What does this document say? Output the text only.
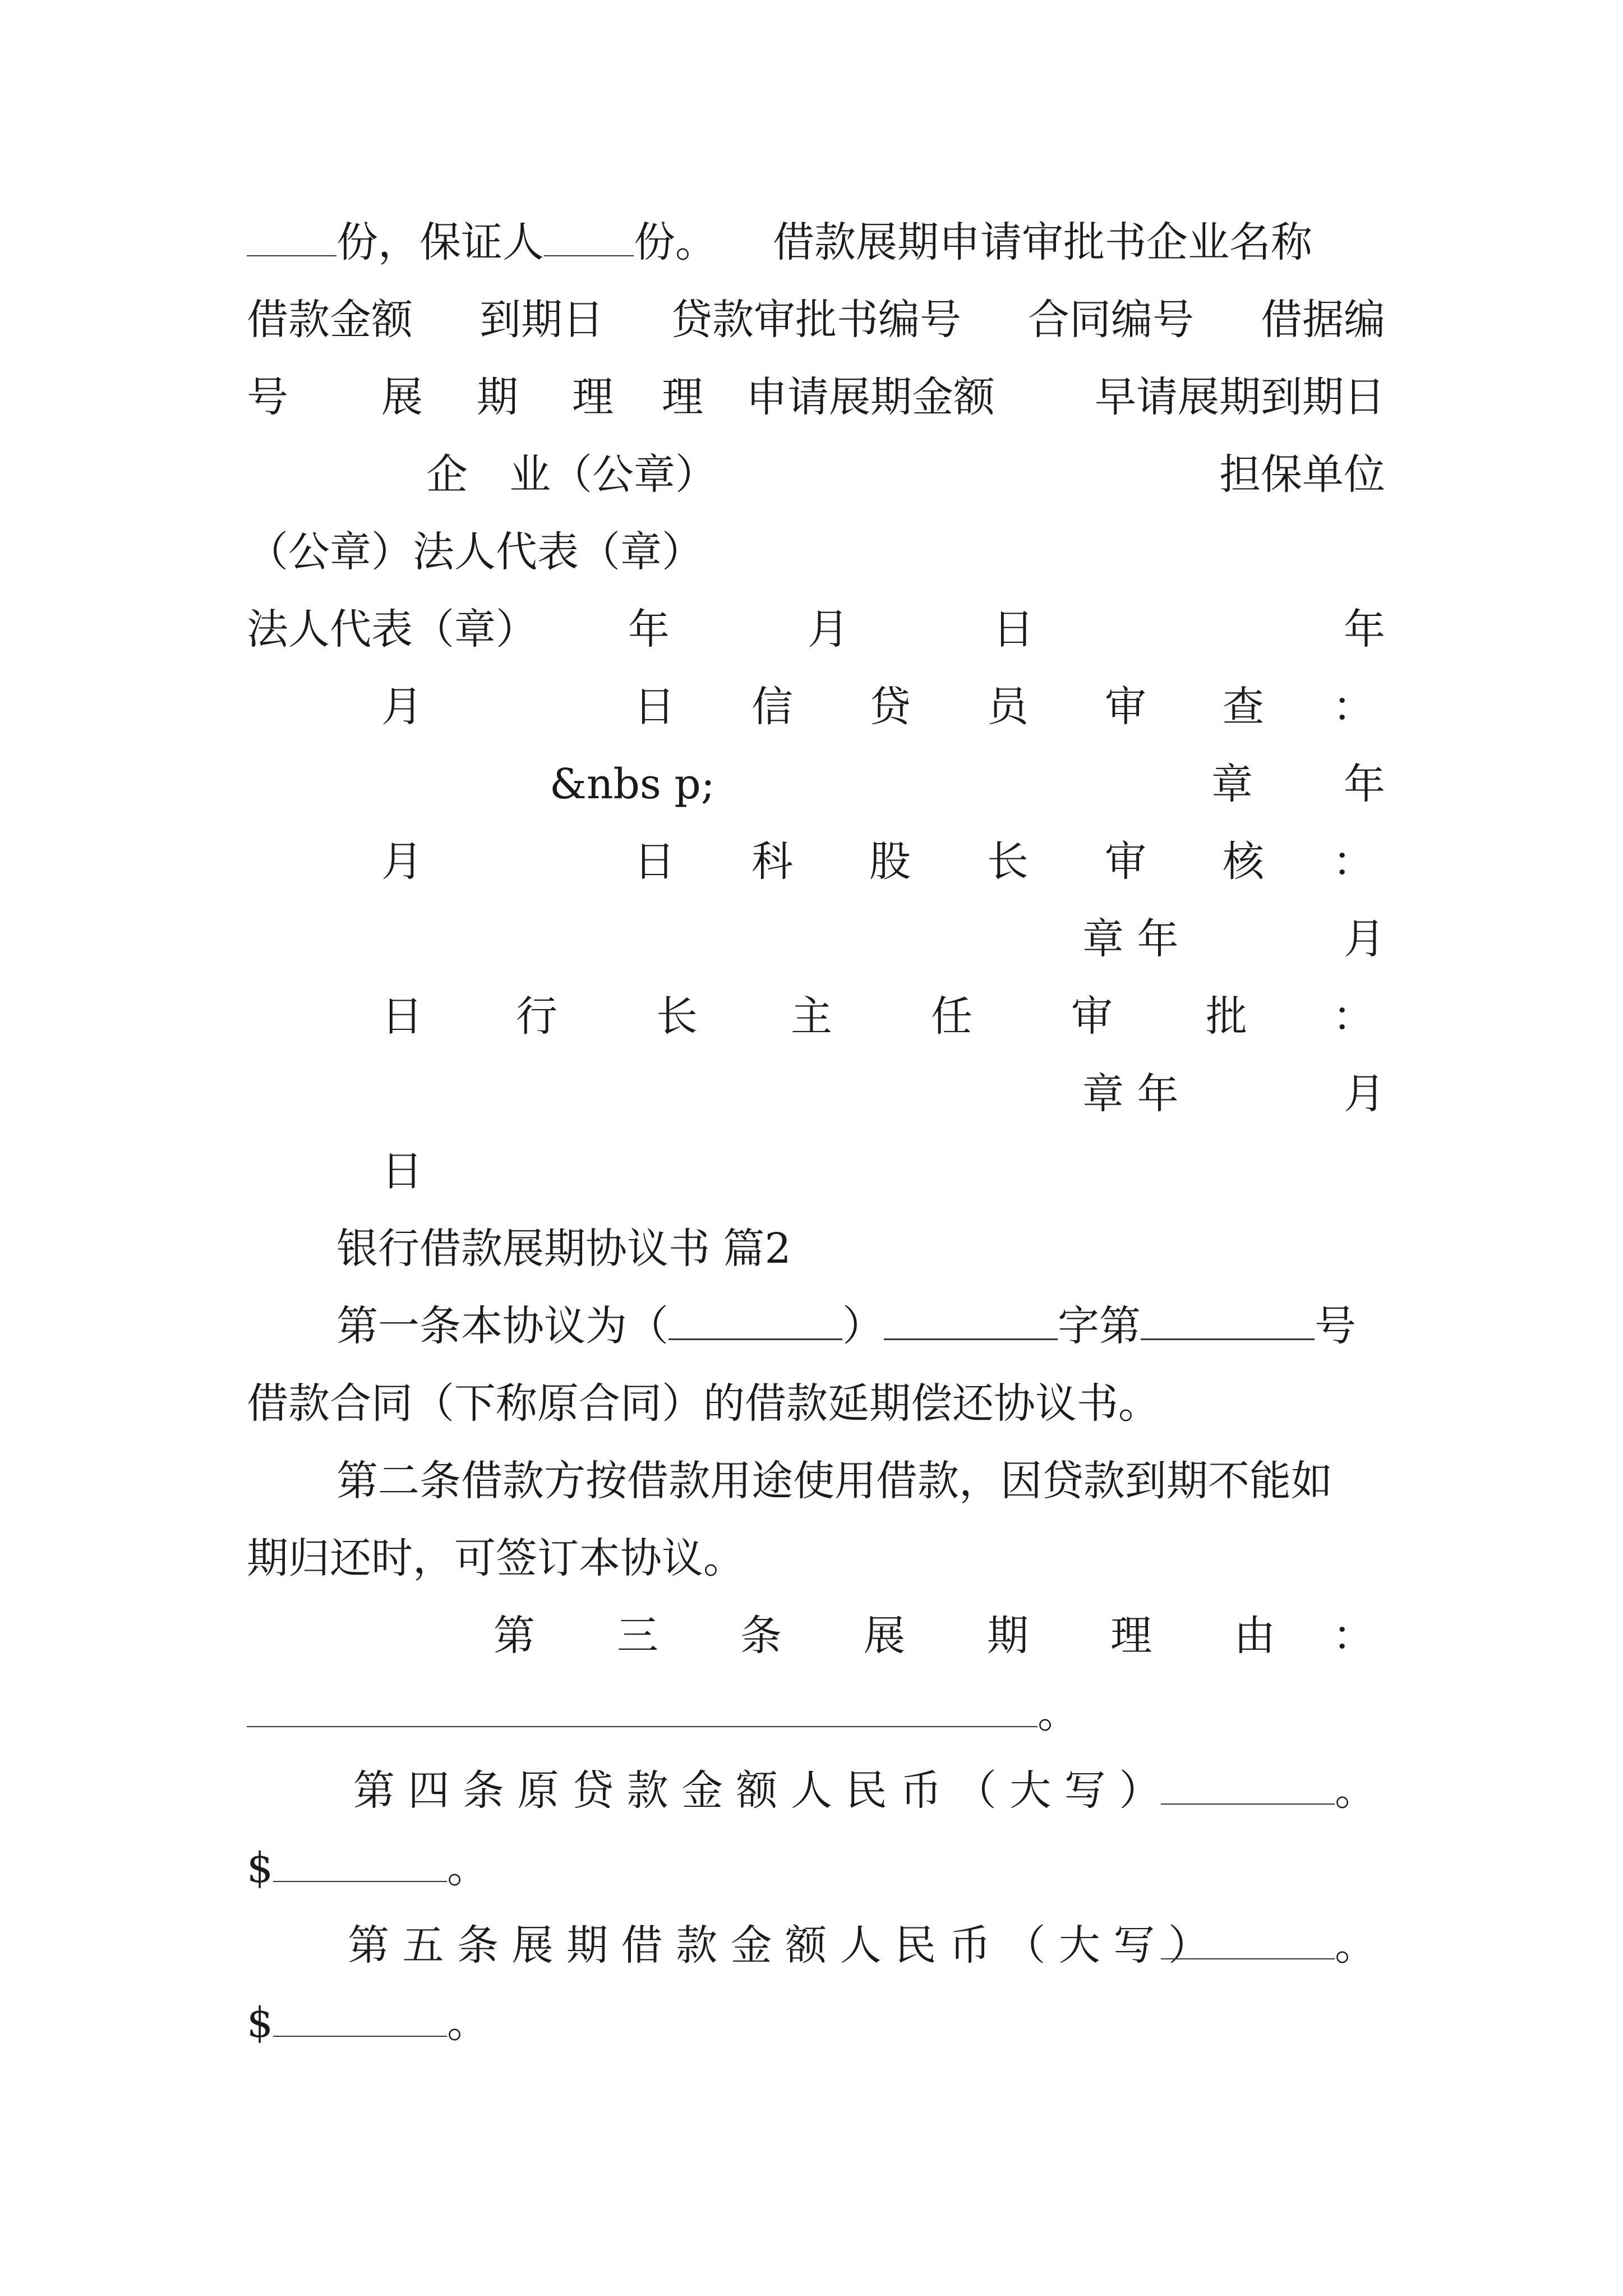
份，保证人 份。 借款展期申请审批书企业名称
借款金额 到期日 贷款审批书编号 合同编号 借据编
号 展 期 理 理 申请展期金额 早请展期到期日
企　业（公章）	担保单位
（公章）法人代表（章）
法人代表（章） 年	月	日	年
月	日 信 贷 员 审 查 ：
&nbs p;	章 年
月	日 科 股 长 审 核 ：
章 年	月
日 行 长 主 任 审 批 ：
章 年	月
日
银行借款展期协议书 篇2
第一条本协议为（	）	字第	号
借款合同（下称原合同）的借款延期偿还协议书。
第二条借款方按借款用途使用借款，因贷款到期不能如
期归还时，可签订本协议。
第 三 条 展 期 理 由 ：
。
第 四 条 原 贷 款 金 额 人 民 币 （ 大 写 ）	。
$	。
第 五 条 展 期 借 款 金 额 人 民 币 （ 大 写 ）	。
$	。
